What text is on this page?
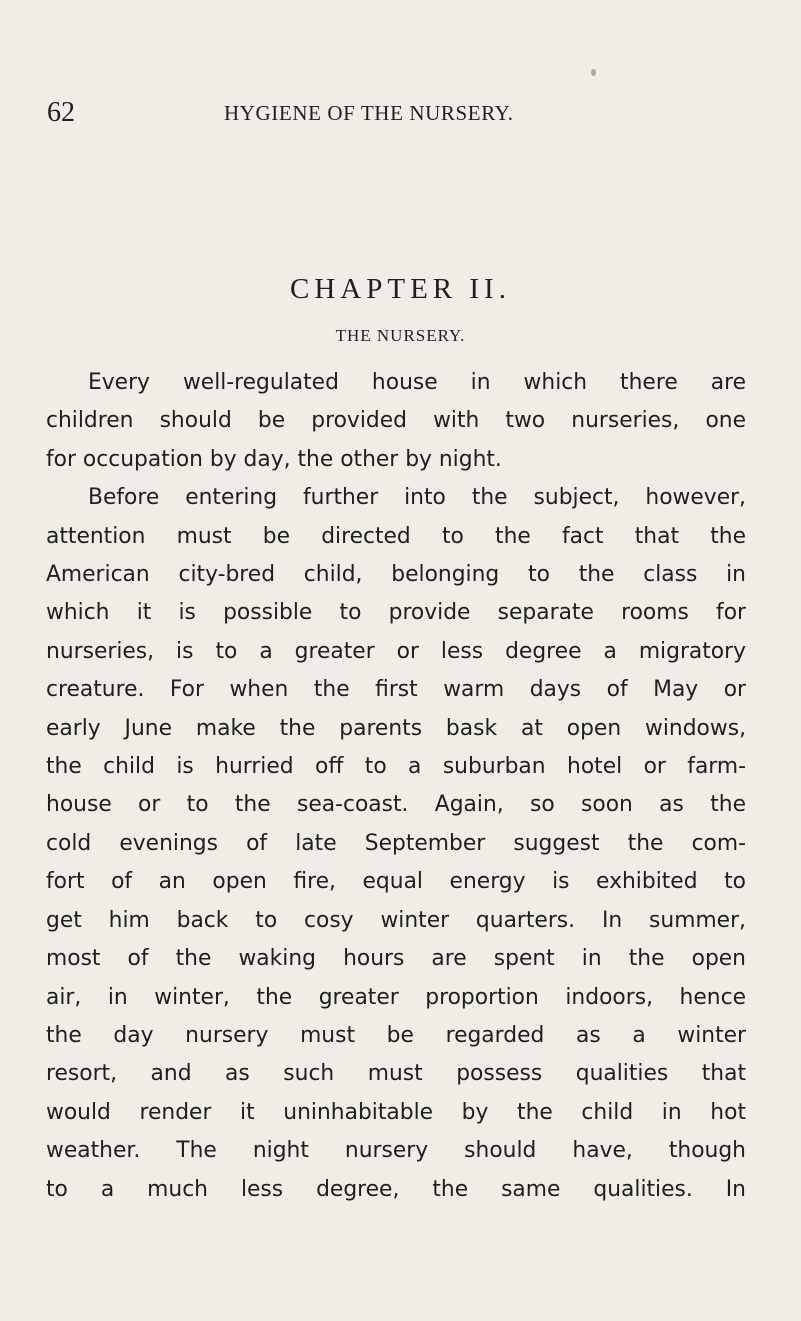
62	HYGIENE OF THE NURSERY.
CHAPTER II.
THE NURSERY.
Every well-regulated house in which there are
children should be provided with two nurseries, one
for occupation by day, the other by night.
Before entering further into the subject, however,
attention must be directed to the fact that the
American city-bred child, belonging to the class in
which it is possible to provide separate rooms for
nurseries, is to a greater or less degree a migratory
creature. For when the first warm days of May or
early June make the parents bask at open windows,
the child is hurried off to a suburban hotel or farm-
house or to the sea-coast. Again, so soon as the
cold evenings of late September suggest the com-
fort of an open fire, equal energy is exhibited to
get him back to cosy winter quarters. In summer,
most of the waking hours are spent in the open
air, in winter, the greater proportion indoors, hence
the day nursery must be regarded as a winter
resort, and as such must possess qualities that
would render it uninhabitable by the child in hot
weather. The night nursery should have, though
to a much less degree, the same qualities. In
